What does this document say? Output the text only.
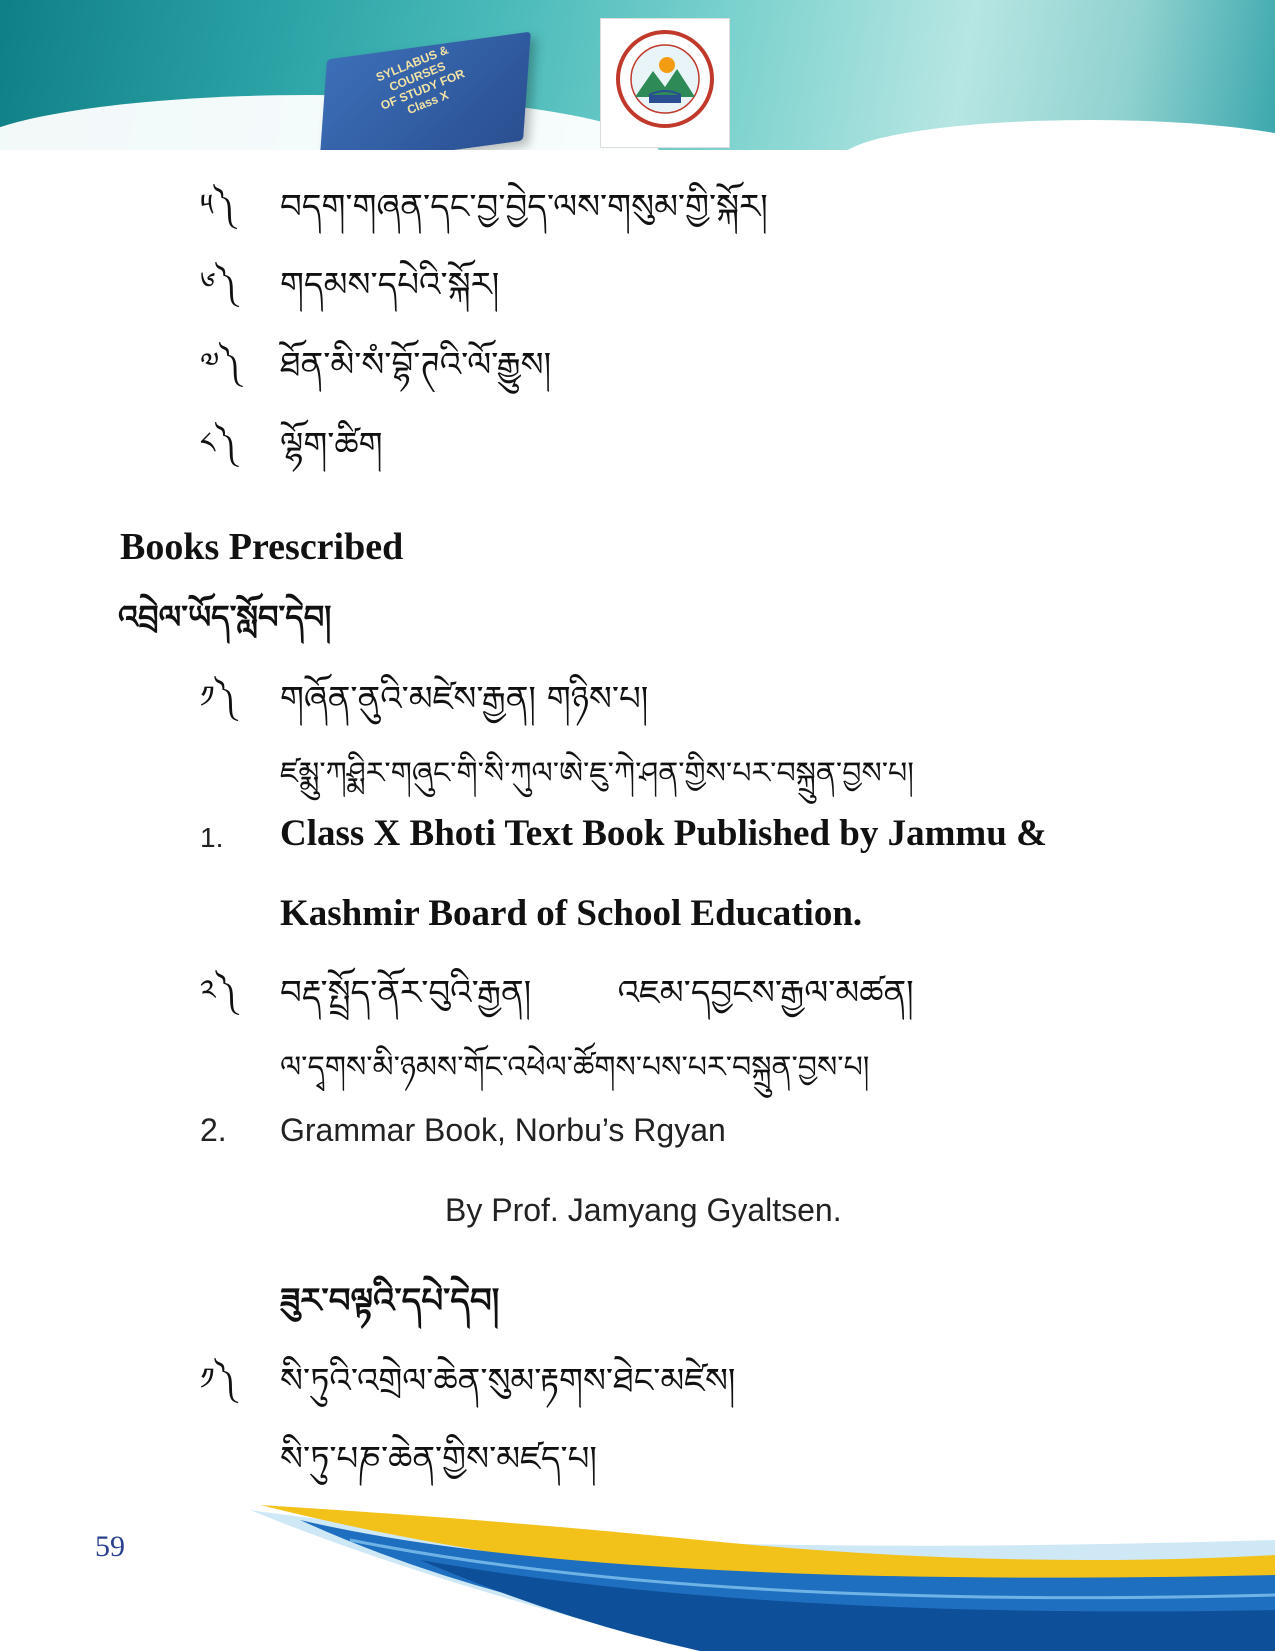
SYLLABUS & COURSES
OF STUDY FOR
Class X
༥༽ བདག་གཞན་དང་བྱ་བྱེད་ལས་གསུམ་གྱི་སྐོར།
༦༽ གདམས་དཔེའི་སྐོར།
༧༽ ཐོན་མི་སཾ་བྷོ་ཊའི་ལོ་རྒྱུས།
༨༽ ལྷོག་ཚིག
Books Prescribed
འབྲེལ་ཡོད་སློབ་དེབ།
༡༽ གཞོན་ནུའི་མཛེས་རྒྱན། གཉིས་པ།
ཛམྨུ་ཀཤྨིར་གཞུང་གི་སི་ཀུལ་ཨེ་ཇུ་ཀེ་ཤན་གྱིས་པར་བསྐྲུན་བྱས་པ།
1. Class X Bhoti Text Book Published by Jammu &
Kashmir Board of School Education.
༢༽ བརྡ་སྤྲོད་ནོར་བུའི་རྒྱན།        འཇམ་དབྱངས་རྒྱལ་མཚན།
ལ་དྭགས་མི་ཉམས་གོང་འཕེལ་ཚོགས་པས་པར་བསྐྲུན་བྱས་པ།
2. Grammar Book, Norbu’s Rgyan
By Prof. Jamyang Gyaltsen.
ཟུར་བལྟའི་དཔེ་དེབ།
༡༽ སི་ཏུའི་འགྲེལ་ཆེན་སུམ་རྟགས་ཐེང་མཛེས།
སི་ཏུ་པཎ་ཆེན་གྱིས་མཛད་པ།
59
